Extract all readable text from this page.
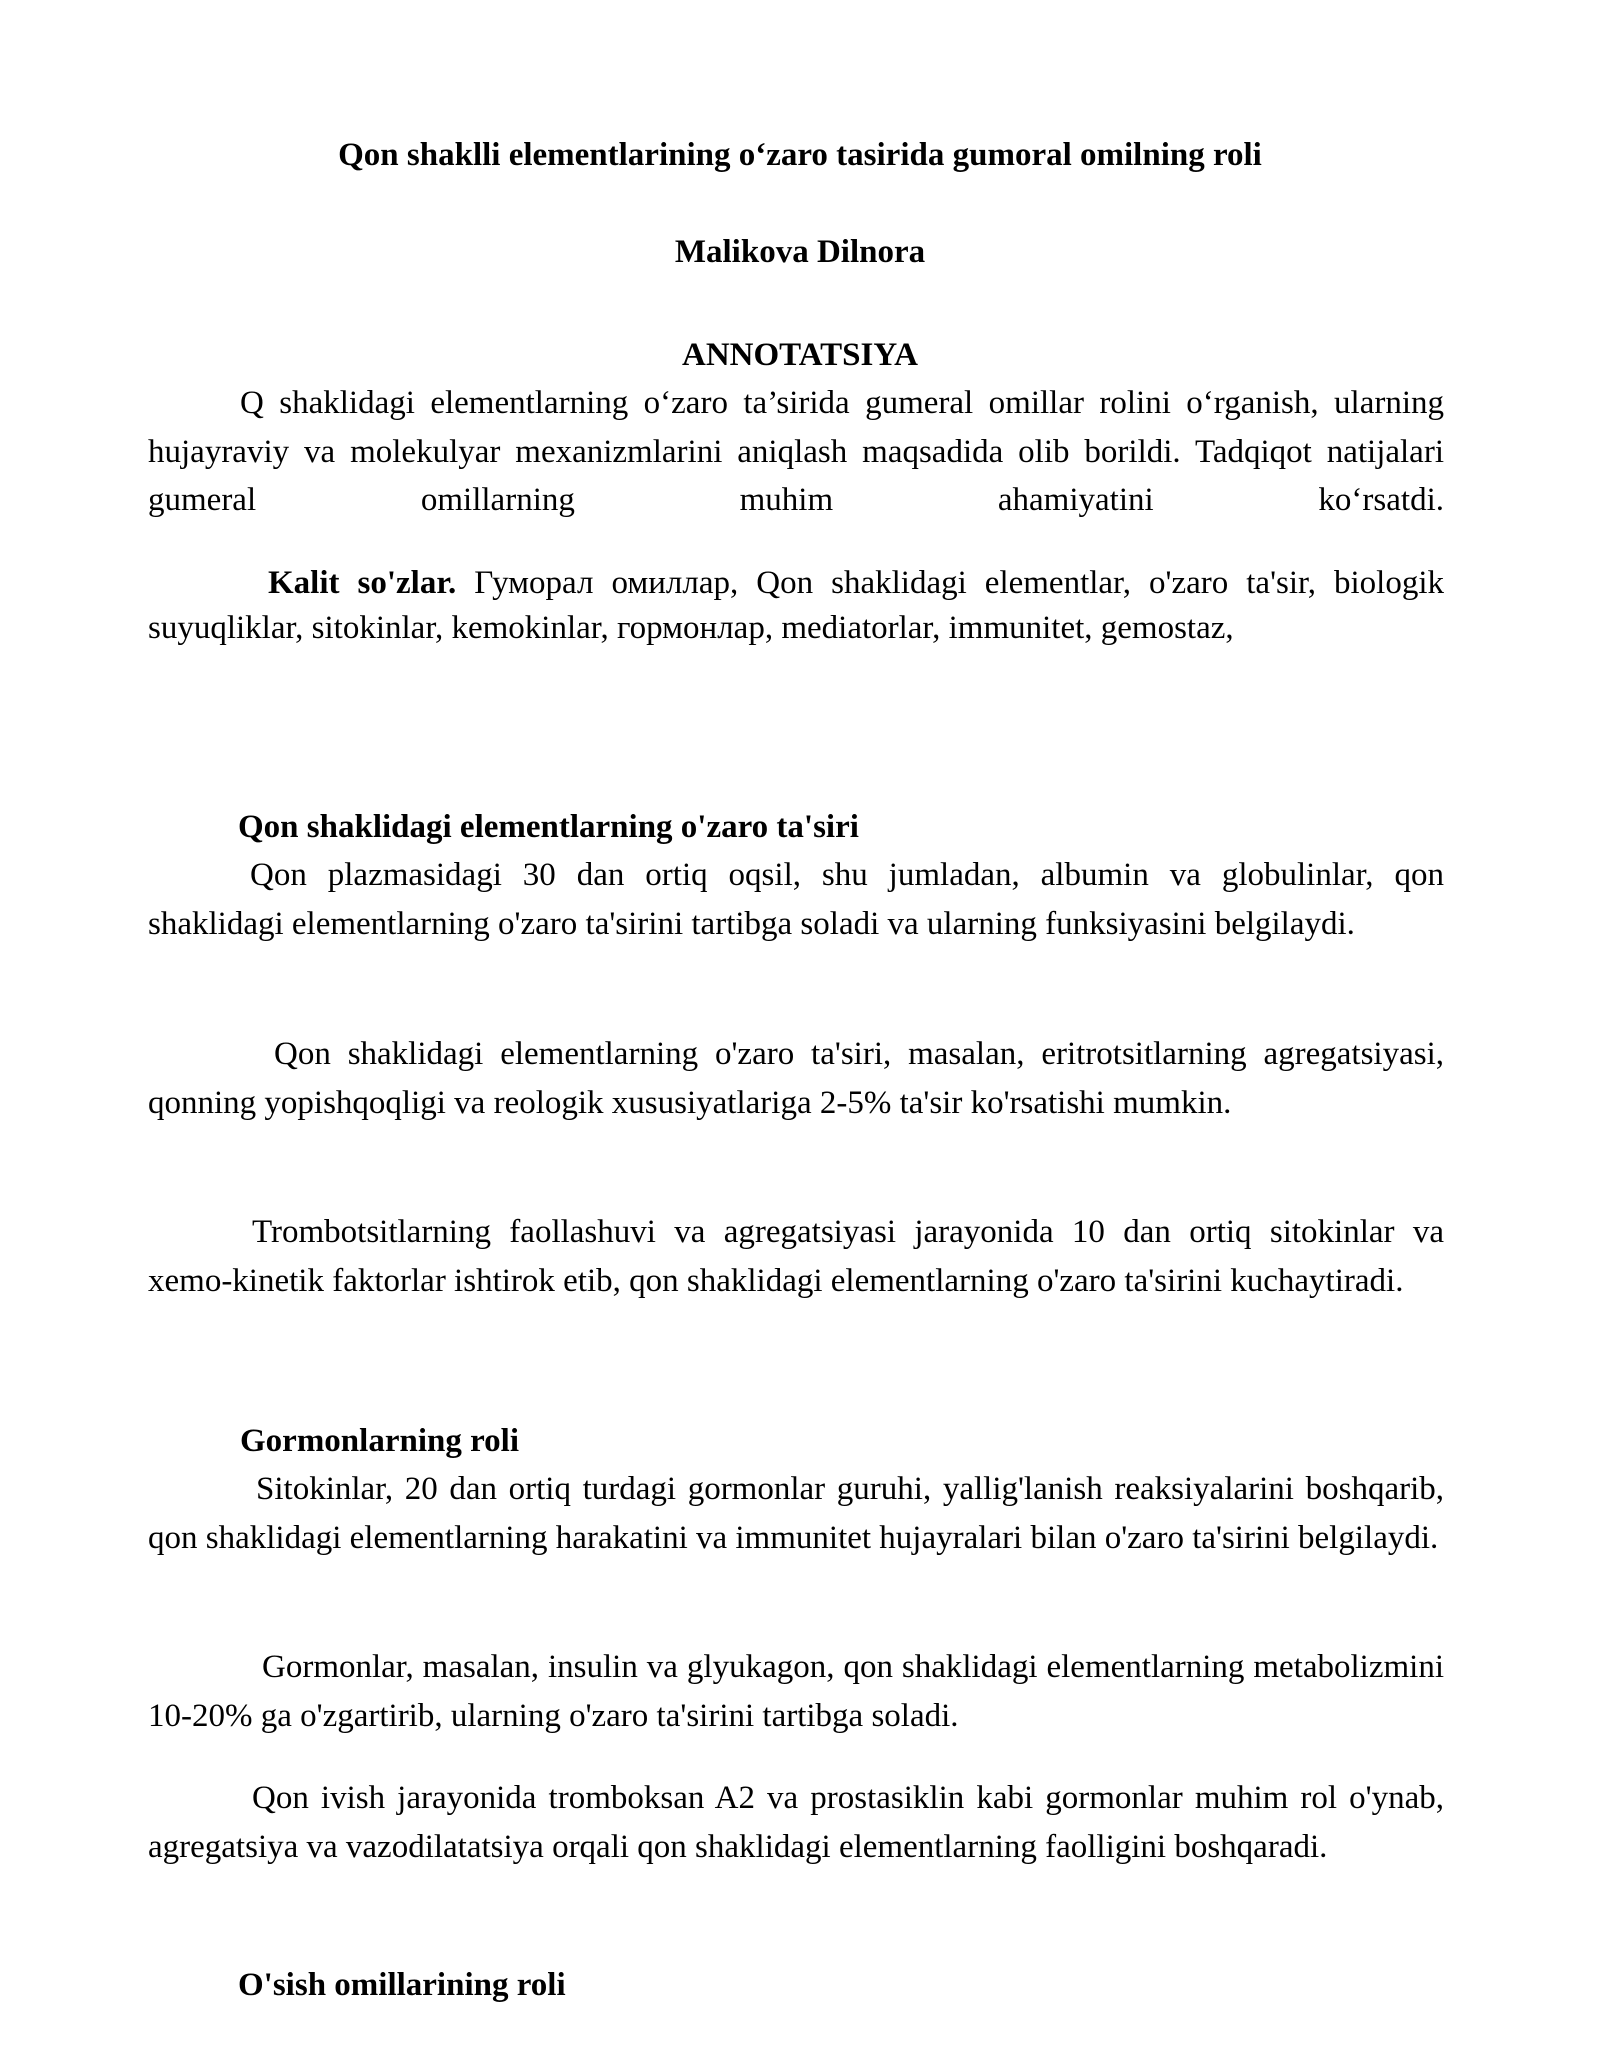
Qon shaklli elementlarining o‘zaro tasirida gumoral omilning roli
Malikova Dilnora
ANNOTATSIYA

Q shaklidagi elementlarning o‘zaro ta’sirida gumeral omillar rolini o‘rganish, ularning hujayraviy va molekulyar mexanizmlarini aniqlash maqsadida olib borildi. Tadqiqot natijalari gumeral omillarning muhim ahamiyatini ko‘rsatdi.

Kalit so'zlar. Гуморал омиллар, Qon shaklidagi elementlar, o'zaro ta'sir, biologik suyuqliklar, sitokinlar, kemokinlar, гормонлар, mediatorlar, immunitet, gemostaz,

Qon shaklidagi elementlarning o'zaro ta'siri

Qon plazmasidagi 30 dan ortiq oqsil, shu jumladan, albumin va globulinlar, qon shaklidagi elementlarning o'zaro ta'sirini tartibga soladi va ularning funksiyasini belgilaydi.

Qon shaklidagi elementlarning o'zaro ta'siri, masalan, eritrotsitlarning agregatsiyasi, qonning yopishqoqligi va reologik xususiyatlariga 2-5% ta'sir ko'rsatishi mumkin.

Trombotsitlarning faollashuvi va agregatsiyasi jarayonida 10 dan ortiq sitokinlar va xemo-kinetik faktorlar ishtirok etib, qon shaklidagi elementlarning o'zaro ta'sirini kuchaytiradi.

Gormonlarning roli

Sitokinlar, 20 dan ortiq turdagi gormonlar guruhi, yallig'lanish reaksiyalarini boshqarib, qon shaklidagi elementlarning harakatini va immunitet hujayralari bilan o'zaro ta'sirini belgilaydi.

Gormonlar, masalan, insulin va glyukagon, qon shaklidagi elementlarning metabolizmini 10-20% ga o'zgartirib, ularning o'zaro ta'sirini tartibga soladi.

Qon ivish jarayonida tromboksan A2 va prostasiklin kabi gormonlar muhim rol o'ynab, agregatsiya va vazodilatatsiya orqali qon shaklidagi elementlarning faolligini boshqaradi.

O'sish omillarining roli
